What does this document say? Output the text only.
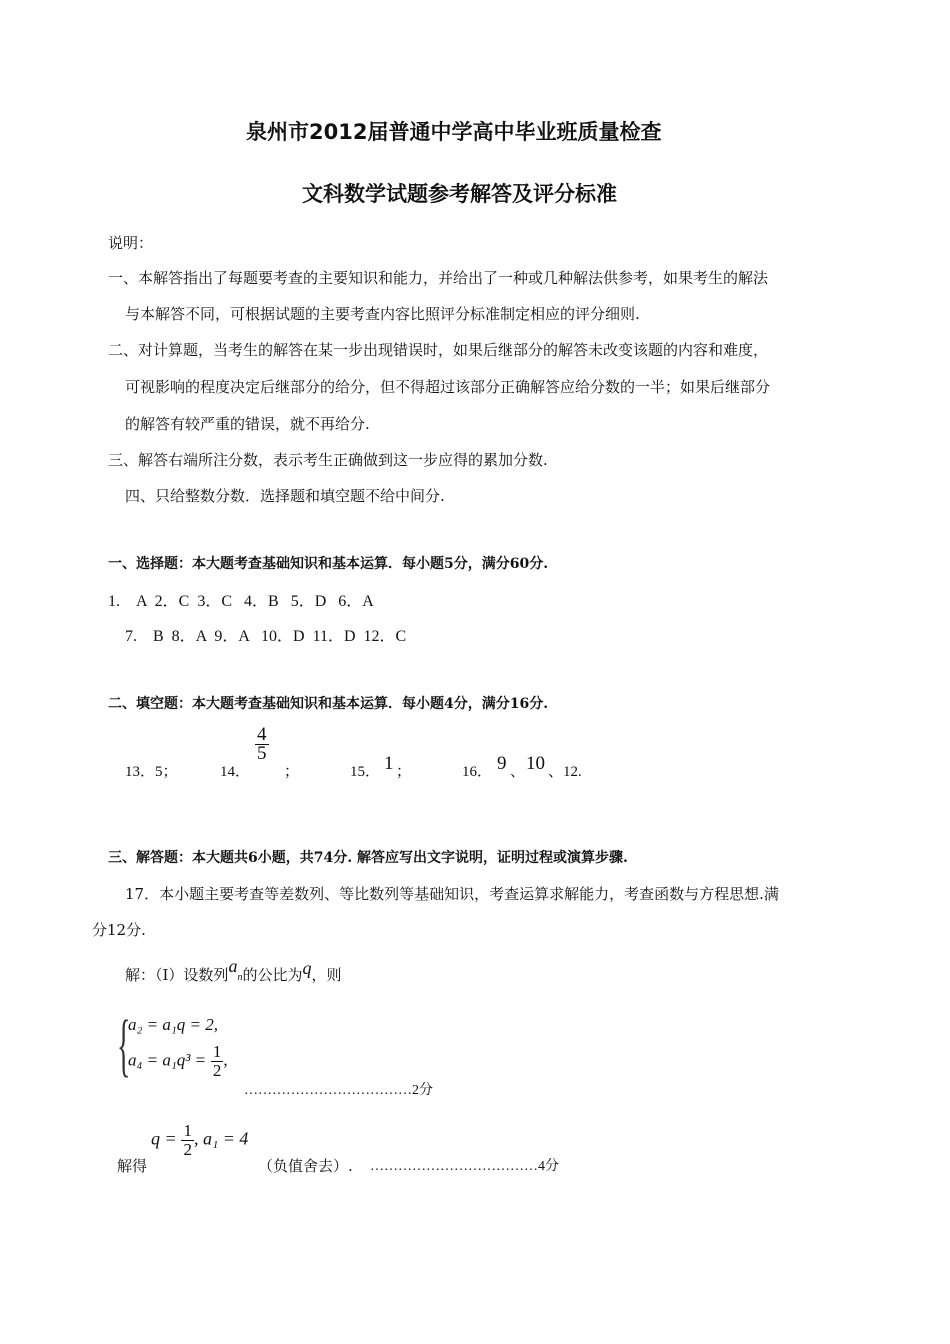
泉州市2012届普通中学高中毕业班质量检查
文科数学试题参考解答及评分标准
说明：
一、本解答指出了每题要考查的主要知识和能力，并给出了一种或几种解法供参考，如果考生的解法
与本解答不同，可根据试题的主要考查内容比照评分标准制定相应的评分细则.
二、对计算题，当考生的解答在某一步出现错误时，如果后继部分的解答未改变该题的内容和难度，
可视影响的程度决定后继部分的给分，但不得超过该部分正确解答应给分数的一半；如果后继部分
的解答有较严重的错误，就不再给分.
三、解答右端所注分数，表示考生正确做到这一步应得的累加分数.
四、只给整数分数．选择题和填空题不给中间分.
一、选择题：本大题考查基础知识和基本运算．每小题5分，满分60分.
1.　A  2．C  3．C   4．B   5．D   6．A
7.　B  8．A  9．A   10．D  11．D  12．C
二、填空题：本大题考查基础知识和基本运算．每小题4分，满分16分.
13．5；	14．
$\frac{4}{5}$
；	15． 1 ；	16． 9 、 10 、12.
三、解答题：本大题共6小题，共74分. 解答应写出文字说明，证明过程或演算步骤.
17．本小题主要考查等差数列、等比数列等基础知识，考查运算求解能力，考查函数与方程思想.满
分12分.
解：（Ⅰ）设数列$a_n$的公比为q，则
{
a₂ = a₁q = 2,
$a_4 = a_1q^3 = \frac{1}{2}$ ,
………………………………2分
解得
$q = \frac{1}{2}$ , a₁ = 4
（负值舍去）. ………………………………4分
